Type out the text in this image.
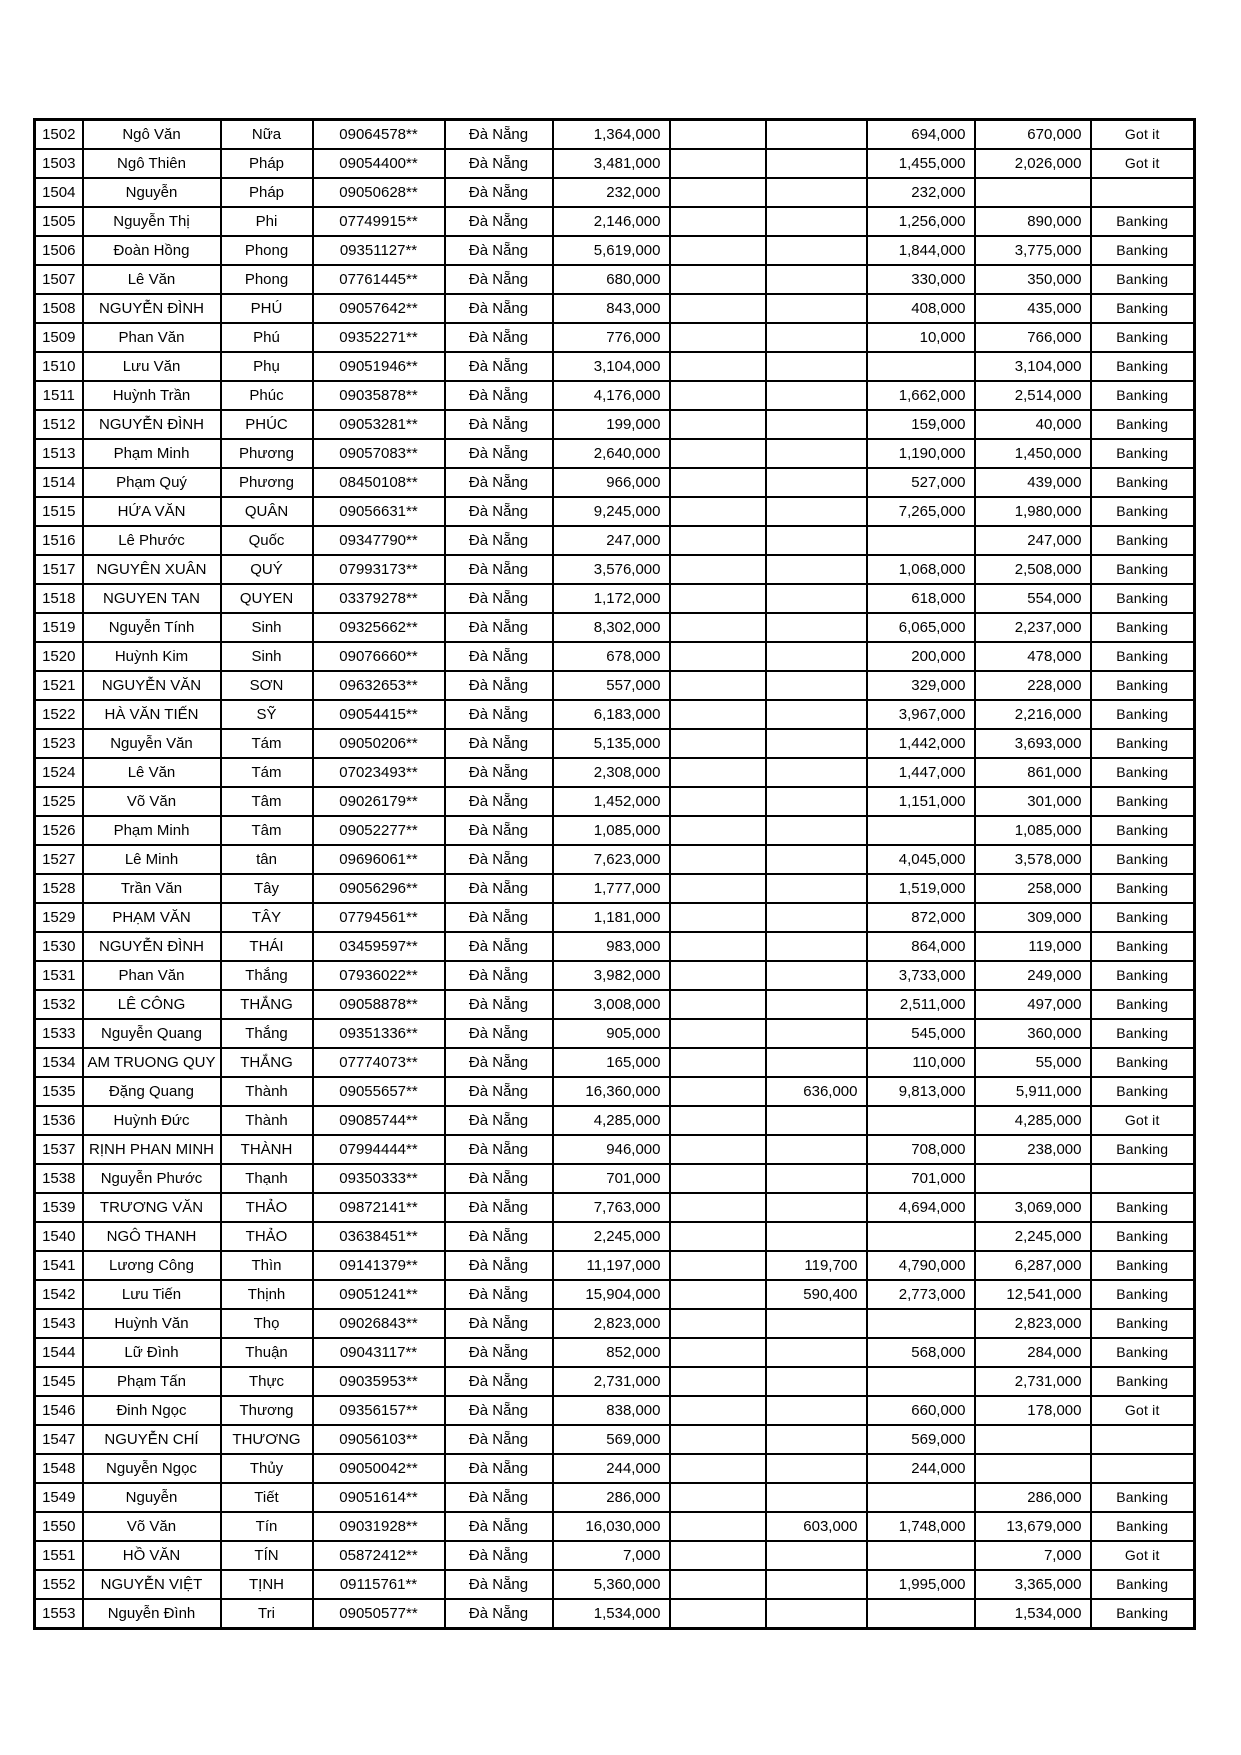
1502	Ngô Văn	Nữa	09064578**	Đà Nẵng	1,364,000			694,000	670,000	Got it
1503	Ngô Thiên	Pháp	09054400**	Đà Nẵng	3,481,000			1,455,000	2,026,000	Got it
1504	Nguyễn	Pháp	09050628**	Đà Nẵng	232,000			232,000		
1505	Nguyễn Thị	Phi	07749915**	Đà Nẵng	2,146,000			1,256,000	890,000	Banking
1506	Đoàn Hồng	Phong	09351127**	Đà Nẵng	5,619,000			1,844,000	3,775,000	Banking
1507	Lê Văn	Phong	07761445**	Đà Nẵng	680,000			330,000	350,000	Banking
1508	NGUYỄN ĐÌNH	PHÚ	09057642**	Đà Nẵng	843,000			408,000	435,000	Banking
1509	Phan Văn	Phú	09352271**	Đà Nẵng	776,000			10,000	766,000	Banking
1510	Lưu Văn	Phụ	09051946**	Đà Nẵng	3,104,000				3,104,000	Banking
1511	Huỳnh Trần	Phúc	09035878**	Đà Nẵng	4,176,000			1,662,000	2,514,000	Banking
1512	NGUYỄN ĐÌNH	PHÚC	09053281**	Đà Nẵng	199,000			159,000	40,000	Banking
1513	Phạm Minh	Phương	09057083**	Đà Nẵng	2,640,000			1,190,000	1,450,000	Banking
1514	Phạm Quý	Phương	08450108**	Đà Nẵng	966,000			527,000	439,000	Banking
1515	HỨA VĂN	QUÂN	09056631**	Đà Nẵng	9,245,000			7,265,000	1,980,000	Banking
1516	Lê Phước	Quốc	09347790**	Đà Nẵng	247,000				247,000	Banking
1517	NGUYÊN XUÂN	QUÝ	07993173**	Đà Nẵng	3,576,000			1,068,000	2,508,000	Banking
1518	NGUYEN TAN	QUYEN	03379278**	Đà Nẵng	1,172,000			618,000	554,000	Banking
1519	Nguyễn Tính	Sinh	09325662**	Đà Nẵng	8,302,000			6,065,000	2,237,000	Banking
1520	Huỳnh Kim	Sinh	09076660**	Đà Nẵng	678,000			200,000	478,000	Banking
1521	NGUYỄN VĂN	SƠN	09632653**	Đà Nẵng	557,000			329,000	228,000	Banking
1522	HÀ VĂN TIẾN	SỸ	09054415**	Đà Nẵng	6,183,000			3,967,000	2,216,000	Banking
1523	Nguyễn Văn	Tám	09050206**	Đà Nẵng	5,135,000			1,442,000	3,693,000	Banking
1524	Lê Văn	Tám	07023493**	Đà Nẵng	2,308,000			1,447,000	861,000	Banking
1525	Võ Văn	Tâm	09026179**	Đà Nẵng	1,452,000			1,151,000	301,000	Banking
1526	Phạm Minh	Tâm	09052277**	Đà Nẵng	1,085,000				1,085,000	Banking
1527	Lê Minh	tân	09696061**	Đà Nẵng	7,623,000			4,045,000	3,578,000	Banking
1528	Trần Văn	Tây	09056296**	Đà Nẵng	1,777,000			1,519,000	258,000	Banking
1529	PHẠM VĂN	TÂY	07794561**	Đà Nẵng	1,181,000			872,000	309,000	Banking
1530	NGUYỄN ĐÌNH	THÁI	03459597**	Đà Nẵng	983,000			864,000	119,000	Banking
1531	Phan Văn	Thắng	07936022**	Đà Nẵng	3,982,000			3,733,000	249,000	Banking
1532	LÊ CÔNG	THẮNG	09058878**	Đà Nẵng	3,008,000			2,511,000	497,000	Banking
1533	Nguyễn Quang	Thắng	09351336**	Đà Nẵng	905,000			545,000	360,000	Banking
1534	AM TRUONG QUY	THẮNG	07774073**	Đà Nẵng	165,000			110,000	55,000	Banking
1535	Đặng Quang	Thành	09055657**	Đà Nẵng	16,360,000		636,000	9,813,000	5,911,000	Banking
1536	Huỳnh Đức	Thành	09085744**	Đà Nẵng	4,285,000				4,285,000	Got it
1537	RỊNH PHAN MINH	THÀNH	07994444**	Đà Nẵng	946,000			708,000	238,000	Banking
1538	Nguyễn Phước	Thạnh	09350333**	Đà Nẵng	701,000			701,000		
1539	TRƯƠNG VĂN	THẢO	09872141**	Đà Nẵng	7,763,000			4,694,000	3,069,000	Banking
1540	NGÔ THANH	THẢO	03638451**	Đà Nẵng	2,245,000				2,245,000	Banking
1541	Lương Công	Thìn	09141379**	Đà Nẵng	11,197,000		119,700	4,790,000	6,287,000	Banking
1542	Lưu Tiến	Thịnh	09051241**	Đà Nẵng	15,904,000		590,400	2,773,000	12,541,000	Banking
1543	Huỳnh Văn	Thọ	09026843**	Đà Nẵng	2,823,000				2,823,000	Banking
1544	Lữ Đình	Thuận	09043117**	Đà Nẵng	852,000			568,000	284,000	Banking
1545	Phạm Tấn	Thực	09035953**	Đà Nẵng	2,731,000				2,731,000	Banking
1546	Đinh Ngọc	Thương	09356157**	Đà Nẵng	838,000			660,000	178,000	Got it
1547	NGUYỄN CHÍ	THƯƠNG	09056103**	Đà Nẵng	569,000			569,000		
1548	Nguyễn Ngọc	Thủy	09050042**	Đà Nẵng	244,000			244,000		
1549	Nguyễn	Tiết	09051614**	Đà Nẵng	286,000				286,000	Banking
1550	Võ Văn	Tín	09031928**	Đà Nẵng	16,030,000		603,000	1,748,000	13,679,000	Banking
1551	HỒ VĂN	TÍN	05872412**	Đà Nẵng	7,000				7,000	Got it
1552	NGUYỄN VIỆT	TỊNH	09115761**	Đà Nẵng	5,360,000			1,995,000	3,365,000	Banking
1553	Nguyễn Đình	Tri	09050577**	Đà Nẵng	1,534,000				1,534,000	Banking
